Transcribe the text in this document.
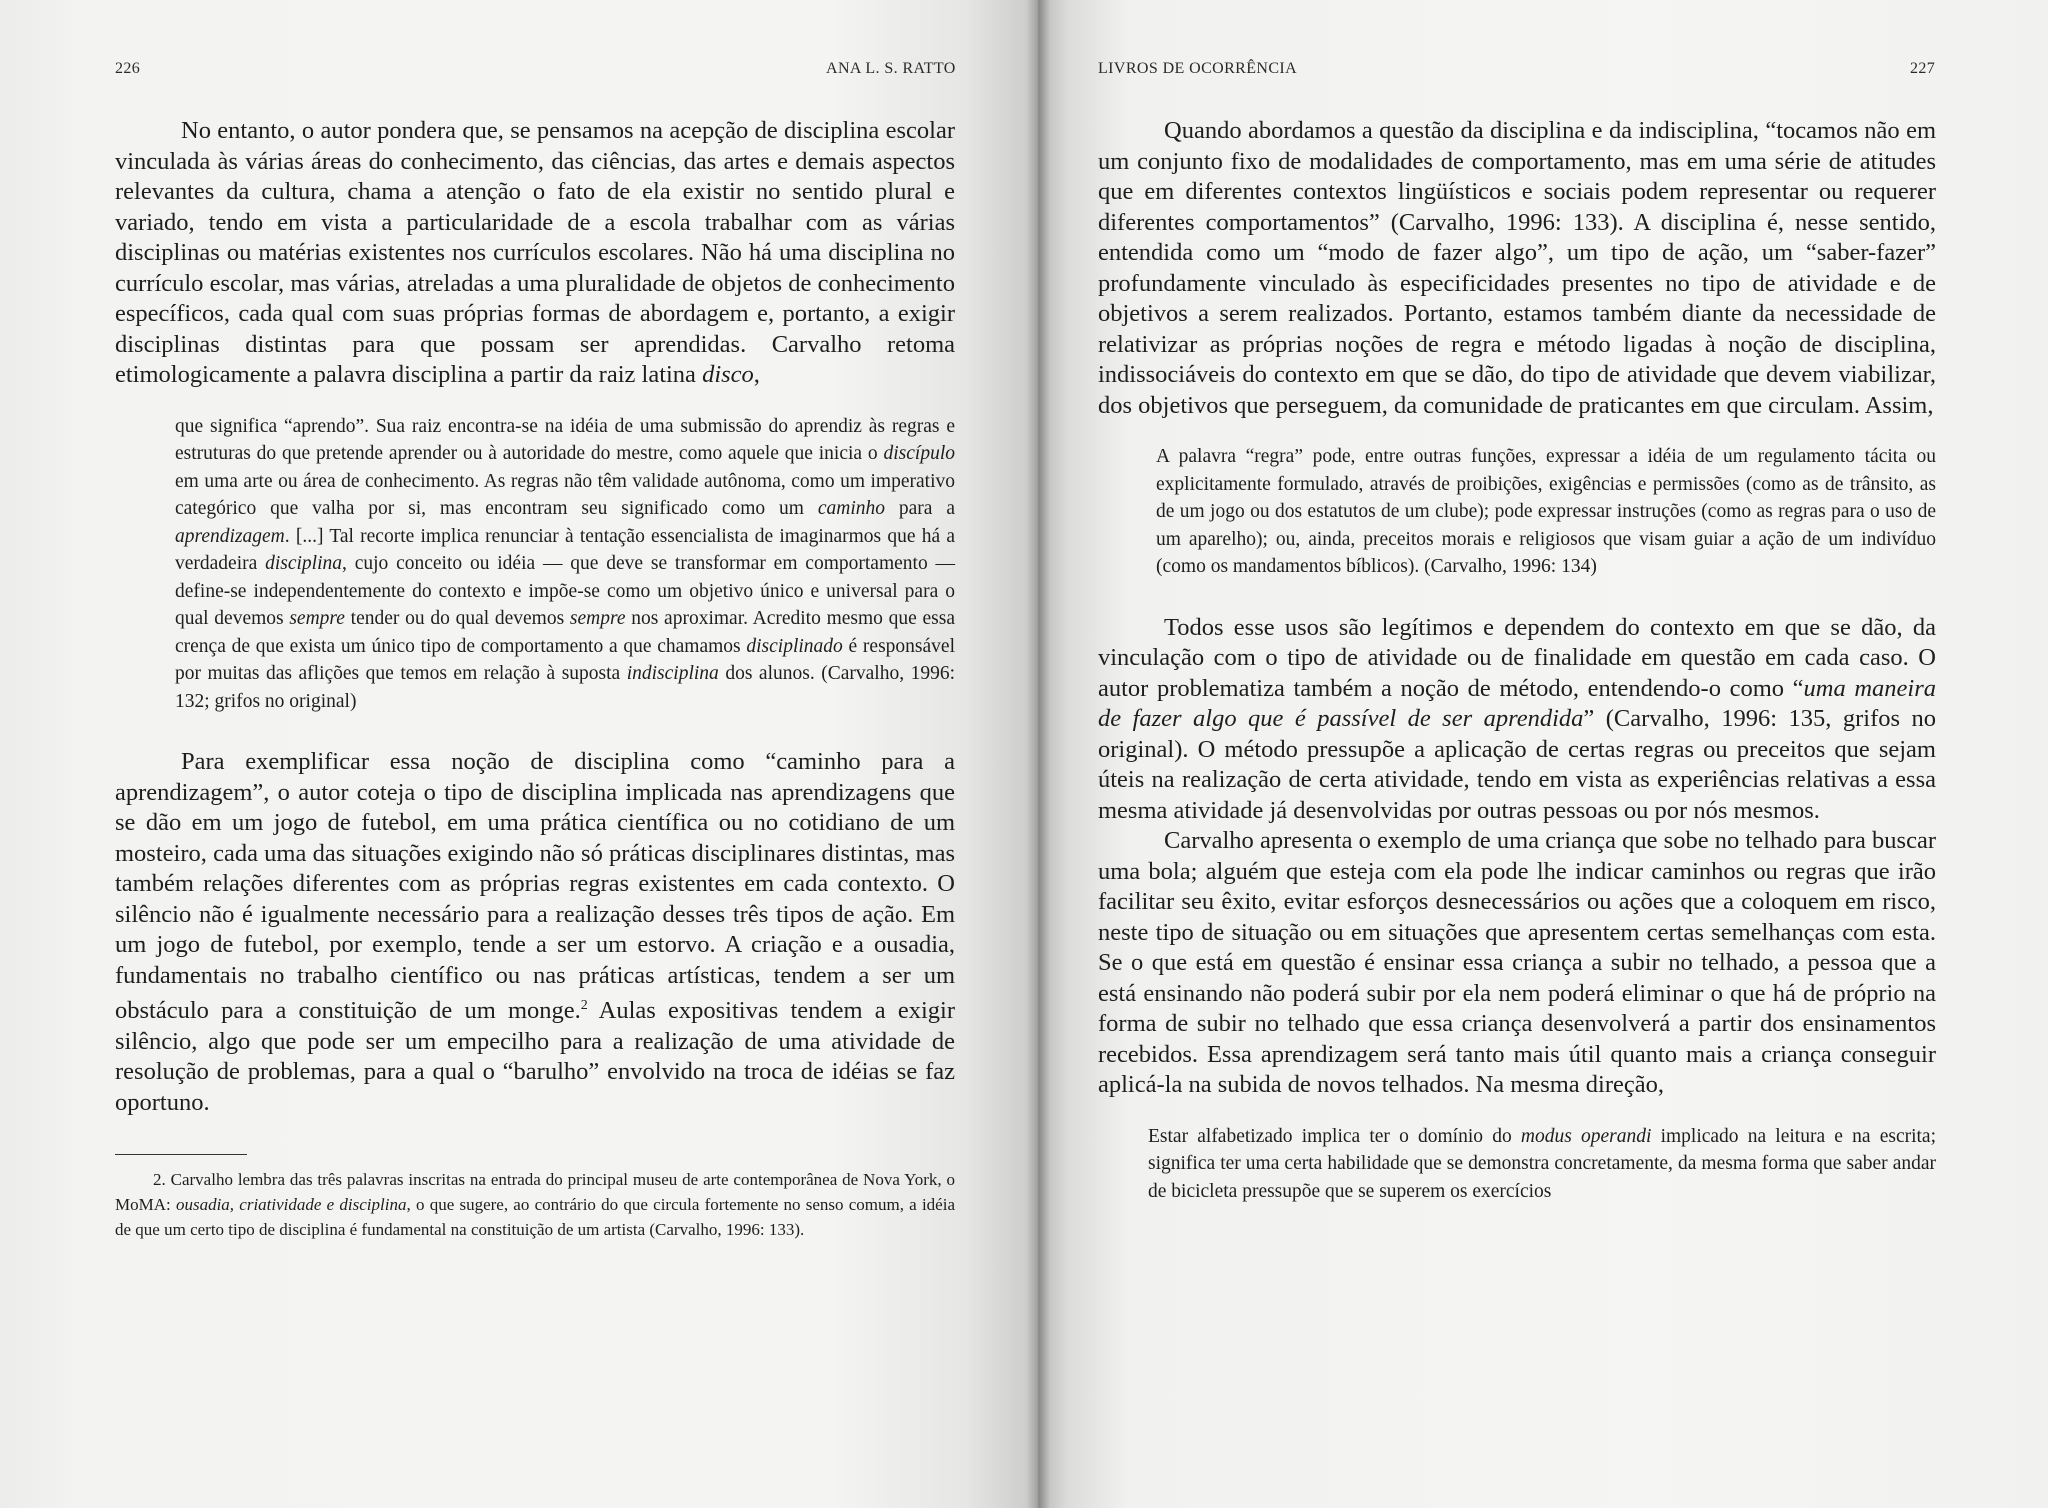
226	ANA L. S. RATTO

No entanto, o autor pondera que, se pensamos na acepção de disciplina escolar vinculada às várias áreas do conhecimento, das ciências, das artes e demais aspectos relevantes da cultura, chama a atenção o fato de ela existir no sentido plural e variado, tendo em vista a particularidade de a escola trabalhar com as várias disciplinas ou matérias existentes nos currículos escolares. Não há uma disciplina no currículo escolar, mas várias, atreladas a uma pluralidade de objetos de conhecimento específicos, cada qual com suas próprias formas de abordagem e, portanto, a exigir disciplinas distintas para que possam ser aprendidas. Carvalho retoma etimologicamente a palavra disciplina a partir da raiz latina disco,

que significa “aprendo”. Sua raiz encontra-se na idéia de uma submissão do aprendiz às regras e estruturas do que pretende aprender ou à autoridade do mestre, como aquele que inicia o discípulo em uma arte ou área de conhecimento. As regras não têm validade autônoma, como um imperativo categórico que valha por si, mas encontram seu significado como um caminho para a aprendizagem. [...] Tal recorte implica renunciar à tentação essencialista de imaginarmos que há a verdadeira disciplina, cujo conceito ou idéia — que deve se transformar em comportamento — define-se independentemente do contexto e impõe-se como um objetivo único e universal para o qual devemos sempre tender ou do qual devemos sempre nos aproximar. Acredito mesmo que essa crença de que exista um único tipo de comportamento a que chamamos disciplinado é responsável por muitas das aflições que temos em relação à suposta indisciplina dos alunos. (Carvalho, 1996: 132; grifos no original)

Para exemplificar essa noção de disciplina como “caminho para a aprendizagem”, o autor coteja o tipo de disciplina implicada nas aprendizagens que se dão em um jogo de futebol, em uma prática científica ou no cotidiano de um mosteiro, cada uma das situações exigindo não só práticas disciplinares distintas, mas também relações diferentes com as próprias regras existentes em cada contexto. O silêncio não é igualmente necessário para a realização desses três tipos de ação. Em um jogo de futebol, por exemplo, tende a ser um estorvo. A criação e a ousadia, fundamentais no trabalho científico ou nas práticas artísticas, tendem a ser um obstáculo para a constituição de um monge.$^2$ Aulas expositivas tendem a exigir silêncio, algo que pode ser um empecilho para a realização de uma atividade de resolução de problemas, para a qual o “barulho” envolvido na troca de idéias se faz oportuno.

2. Carvalho lembra das três palavras inscritas na entrada do principal museu de arte contemporânea de Nova York, o MoMA: ousadia, criatividade e disciplina, o que sugere, ao contrário do que circula fortemente no senso comum, a idéia de que um certo tipo de disciplina é fundamental na constituição de um artista (Carvalho, 1996: 133).

LIVROS DE OCORRÊNCIA	227

Quando abordamos a questão da disciplina e da indisciplina, “tocamos não em um conjunto fixo de modalidades de comportamento, mas em uma série de atitudes que em diferentes contextos lingüísticos e sociais podem representar ou requerer diferentes comportamentos” (Carvalho, 1996: 133). A disciplina é, nesse sentido, entendida como um “modo de fazer algo”, um tipo de ação, um “saber-fazer” profundamente vinculado às especificidades presentes no tipo de atividade e de objetivos a serem realizados. Portanto, estamos também diante da necessidade de relativizar as próprias noções de regra e método ligadas à noção de disciplina, indissociáveis do contexto em que se dão, do tipo de atividade que devem viabilizar, dos objetivos que perseguem, da comunidade de praticantes em que circulam. Assim,

A palavra “regra” pode, entre outras funções, expressar a idéia de um regulamento tácita ou explicitamente formulado, através de proibições, exigências e permissões (como as de trânsito, as de um jogo ou dos estatutos de um clube); pode expressar instruções (como as regras para o uso de um aparelho); ou, ainda, preceitos morais e religiosos que visam guiar a ação de um indivíduo (como os mandamentos bíblicos). (Carvalho, 1996: 134)

Todos esse usos são legítimos e dependem do contexto em que se dão, da vinculação com o tipo de atividade ou de finalidade em questão em cada caso. O autor problematiza também a noção de método, entendendo-o como “uma maneira de fazer algo que é passível de ser aprendida” (Carvalho, 1996: 135, grifos no original). O método pressupõe a aplicação de certas regras ou preceitos que sejam úteis na realização de certa atividade, tendo em vista as experiências relativas a essa mesma atividade já desenvolvidas por outras pessoas ou por nós mesmos.

Carvalho apresenta o exemplo de uma criança que sobe no telhado para buscar uma bola; alguém que esteja com ela pode lhe indicar caminhos ou regras que irão facilitar seu êxito, evitar esforços desnecessários ou ações que a coloquem em risco, neste tipo de situação ou em situações que apresentem certas semelhanças com esta. Se o que está em questão é ensinar essa criança a subir no telhado, a pessoa que a está ensinando não poderá subir por ela nem poderá eliminar o que há de próprio na forma de subir no telhado que essa criança desenvolverá a partir dos ensinamentos recebidos. Essa aprendizagem será tanto mais útil quanto mais a criança conseguir aplicá-la na subida de novos telhados. Na mesma direção,

Estar alfabetizado implica ter o domínio do modus operandi implicado na leitura e na escrita; significa ter uma certa habilidade que se demonstra concretamente, da mesma forma que saber andar de bicicleta pressupõe que se superem os exercícios
